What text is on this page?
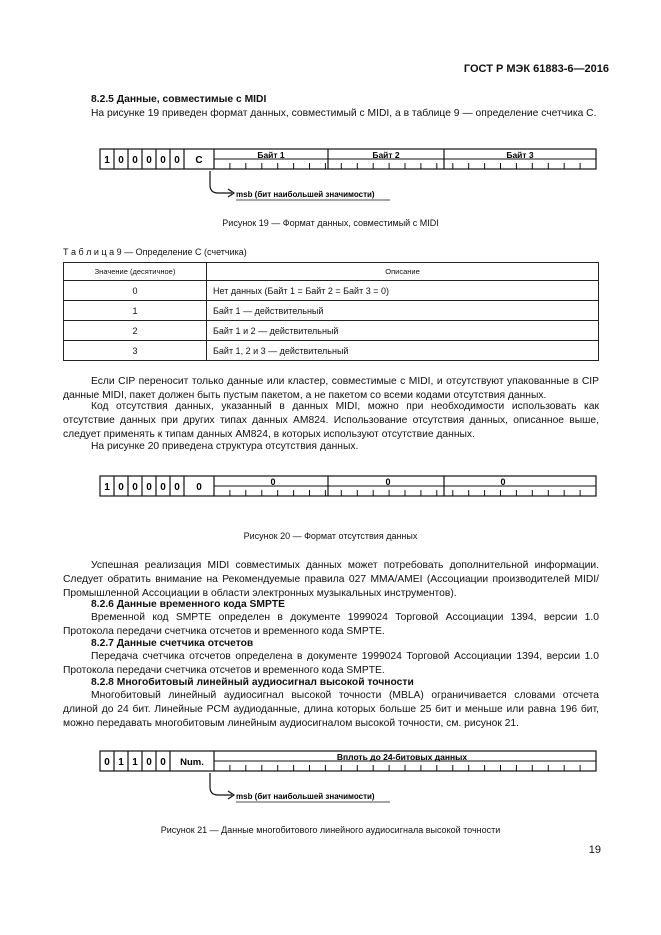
ГОСТ Р МЭК 61883-6—2016

8.2.5 Данные, совместимые с MIDI

На рисунке 19 приведен формат данных, совместимый с MIDI, а в таблице 9 — определение счетчика С.

1 0 0 0 0 0 C	Байт 1	Байт 2	Байт 3
msb (бит наибольшей значимости)
Рисунок 19 — Формат данных, совместимый с MIDI
Т а б л и ц а 9 — Определение C (счетчика)
Значение (десятичное)	Описание
0	Нет данных (Байт 1 = Байт 2 = Байт 3 = 0)
1	Байт 1 — действительный
2	Байт 1 и 2 — действительный
3	Байт 1, 2 и 3 — действительный

Если CIP переносит только данные или кластер, совместимые с MIDI, и отсутствуют упакованные в CIP данные MIDI, пакет должен быть пустым пакетом, а не пакетом со всеми кодами отсутствия данных.

Код отсутствия данных, указанный в данных MIDI, можно при необходимости использовать как отсутствие данных при других типах данных AM824. Использование отсутствия данных, описанное выше, следует применять к типам данных AM824, в которых используют отсутствие данных.

На рисунке 20 приведена структура отсутствия данных.

1 0 0 0 0 0 0	0	0	0
Рисунок 20 — Формат отсутствия данных

Успешная реализация MIDI совместимых данных может потребовать дополнительной информации. Следует обратить внимание на Рекомендуемые правила 027 MMA/AMEI (Ассоциации производителей MIDI/Промышленной Ассоциации в области электронных музыкальных инструментов).

8.2.6 Данные временного кода SMPTE

Временной код SMPTE определен в документе 1999024 Торговой Ассоциации 1394, версии 1.0 Протокола передачи счетчика отсчетов и временного кода SMPTE.

8.2.7 Данные счетчика отсчетов

Передача счетчика отсчетов определена в документе 1999024 Торговой Ассоциации 1394, версии 1.0 Протокола передачи счетчика отсчетов и временного кода SMPTE.

8.2.8 Многобитовый линейный аудиосигнал высокой точности

Многобитовый линейный аудиосигнал высокой точности (MBLA) ограничивается словами отсчета длиной до 24 бит. Линейные PCM аудиоданные, длина которых больше 25 бит и меньше или равна 196 бит, можно передавать многобитовым линейным аудиосигналом высокой точности, см. рисунок 21.

0 1 1 0 0 Num.	Вплоть до 24-битовых данных
msb (бит наибольшей значимости)
Рисунок 21 — Данные многобитового линейного аудиосигнала высокой точности
19
